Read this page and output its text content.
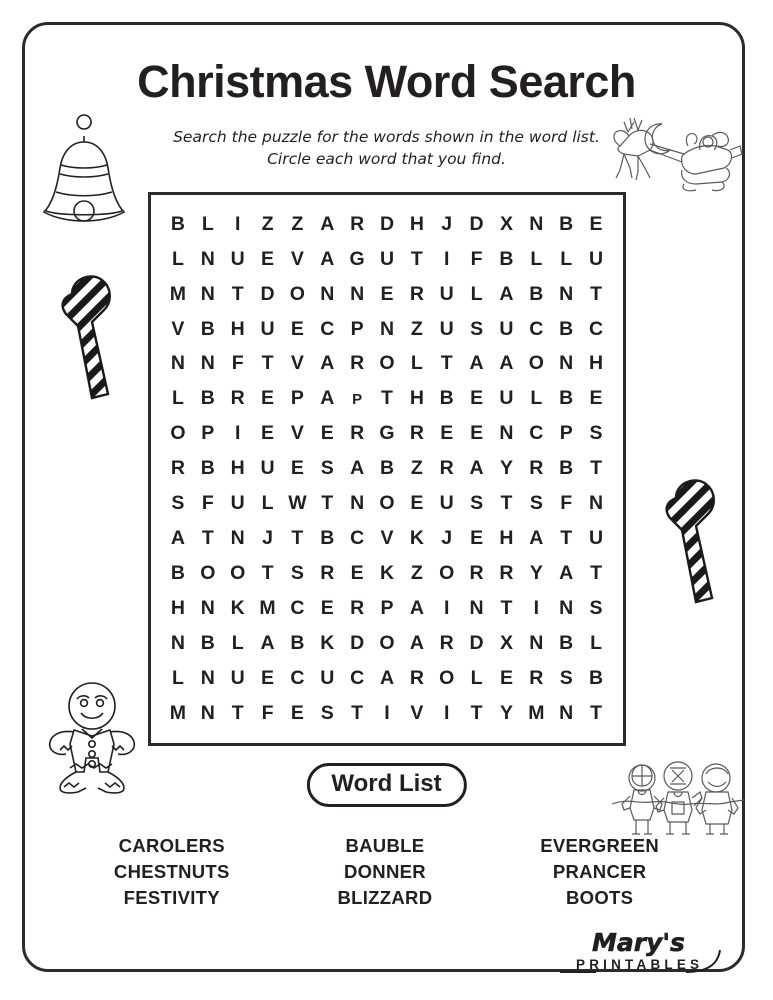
Christmas Word Search
Search the puzzle for the words shown in the word list.
Circle each word that you find.
B L I Z Z A R D H J D X N B E
L N U E V A G U T I F B L L U
M N T D O N N E R U L A B N T
V B H U E C P N Z U S U C B C
N N F T V A R O L T A A O N H
L B R E P A P T H B E U L B E
O P I E V E R G R E E N C P S
R B H U E S A B Z R A Y R B T
S F U L W T N O E U S T S F N
A T N J T B C V K J E H A T U
B O O T S R E K Z O R R Y A T
H N K M C E R P A I N T I N S
N B L A B K D O A R D X N B L
L N U E C U C A R O L E R S B
M N T F E S T I V I T Y M N T
Word List
CAROLERS
CHESTNUTS
FESTIVITY
BAUBLE
DONNER
BLIZZARD
EVERGREEN
PRANCER
BOOTS
Mary's
PRINTABLES
